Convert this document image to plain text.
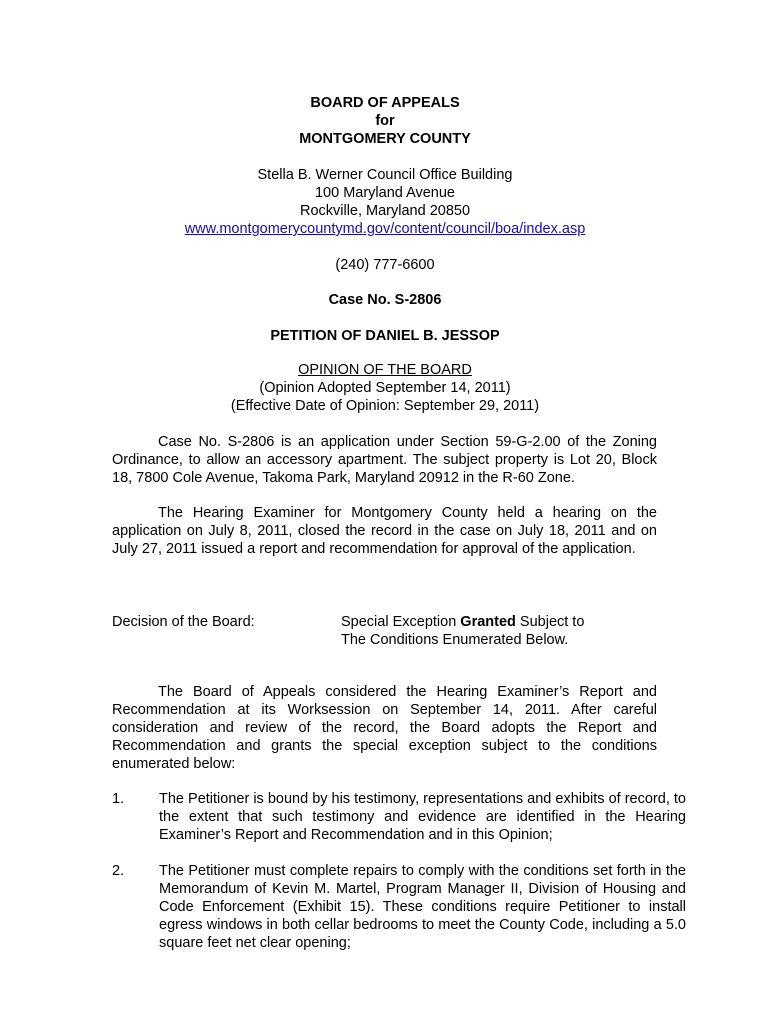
BOARD OF APPEALS
for
MONTGOMERY COUNTY
Stella B. Werner Council Office Building
100 Maryland Avenue
Rockville, Maryland 20850
www.montgomerycountymd.gov/content/council/boa/index.asp
(240) 777-6600
Case No. S-2806
PETITION OF DANIEL B. JESSOP
OPINION OF THE BOARD
(Opinion Adopted September 14, 2011)
(Effective Date of Opinion: September 29, 2011)
Case No. S-2806 is an application under Section 59-G-2.00 of the Zoning Ordinance, to allow an accessory apartment. The subject property is Lot 20, Block 18, 7800 Cole Avenue, Takoma Park, Maryland 20912 in the R-60 Zone.
The Hearing Examiner for Montgomery County held a hearing on the application on July 8, 2011, closed the record in the case on July 18, 2011 and on July 27, 2011 issued a report and recommendation for approval of the application.
Decision of the Board:	Special Exception Granted Subject to
The Conditions Enumerated Below.
The Board of Appeals considered the Hearing Examiner’s Report and Recommendation at its Worksession on September 14, 2011. After careful consideration and review of the record, the Board adopts the Report and Recommendation and grants the special exception subject to the conditions enumerated below:
1. The Petitioner is bound by his testimony, representations and exhibits of record, to the extent that such testimony and evidence are identified in the Hearing Examiner’s Report and Recommendation and in this Opinion;
2. The Petitioner must complete repairs to comply with the conditions set forth in the Memorandum of Kevin M. Martel, Program Manager II, Division of Housing and Code Enforcement (Exhibit 15). These conditions require Petitioner to install egress windows in both cellar bedrooms to meet the County Code, including a 5.0 square feet net clear opening;
